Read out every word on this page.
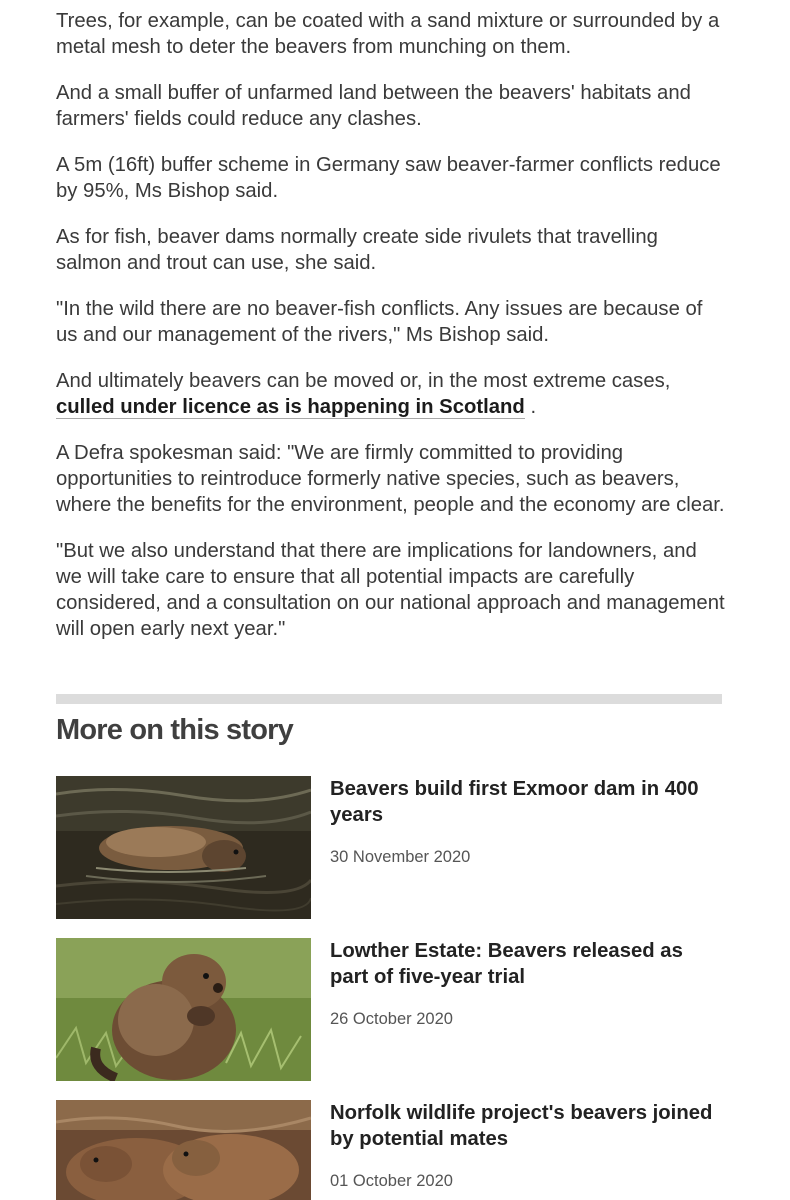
Trees, for example, can be coated with a sand mixture or surrounded by a metal mesh to deter the beavers from munching on them.

And a small buffer of unfarmed land between the beavers' habitats and farmers' fields could reduce any clashes.

A 5m (16ft) buffer scheme in Germany saw beaver-farmer conflicts reduce by 95%, Ms Bishop said.

As for fish, beaver dams normally create side rivulets that travelling salmon and trout can use, she said.

"In the wild there are no beaver-fish conflicts. Any issues are because of us and our management of the rivers," Ms Bishop said.

And ultimately beavers can be moved or, in the most extreme cases,
culled under licence as is happening in Scotland .

A Defra spokesman said: "We are firmly committed to providing opportunities to reintroduce formerly native species, such as beavers, where the benefits for the environment, people and the economy are clear.

"But we also understand that there are implications for landowners, and we will take care to ensure that all potential impacts are carefully considered, and a consultation on our national approach and management will open early next year."

More on this story
Beavers build first Exmoor dam in 400 years
30 November 2020
Lowther Estate: Beavers released as part of five-year trial
26 October 2020
Norfolk wildlife project's beavers joined by potential mates
01 October 2020
